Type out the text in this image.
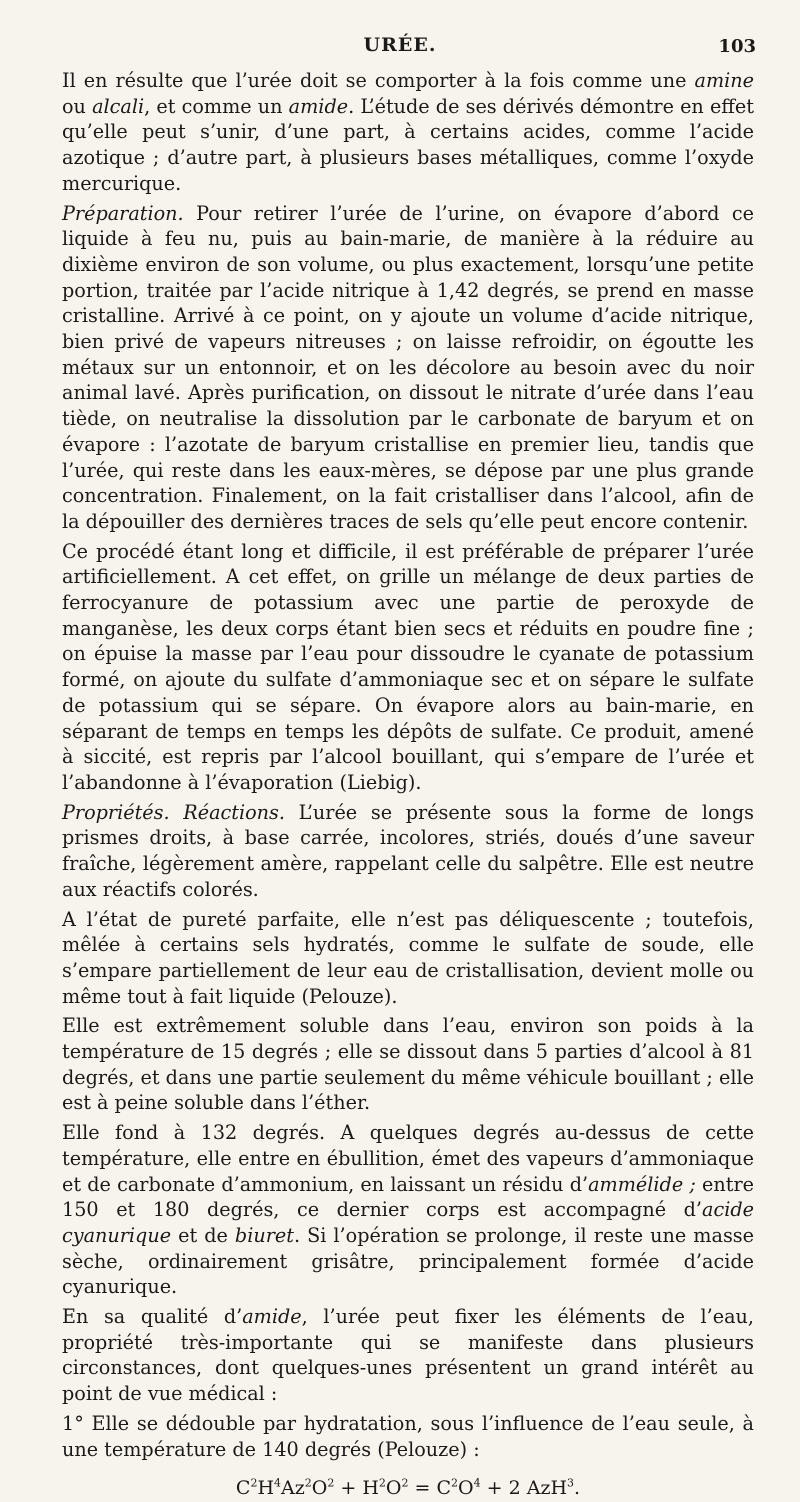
URÉE.	103

Il en résulte que l’urée doit se comporter à la fois comme une amine ou alcali, et comme un amide. L’étude de ses dérivés démontre en effet qu’elle peut s’unir, d’une part, à certains acides, comme l’acide azotique ; d’autre part, à plusieurs bases métalliques, comme l’oxyde mercurique.

Préparation. Pour retirer l’urée de l’urine, on évapore d’abord ce liquide à feu nu, puis au bain-marie, de manière à la réduire au dixième environ de son volume, ou plus exactement, lorsqu’une petite portion, traitée par l’acide nitrique à 1,42 degrés, se prend en masse cristalline. Arrivé à ce point, on y ajoute un volume d’acide nitrique, bien privé de vapeurs nitreuses ; on laisse refroidir, on égoutte les métaux sur un entonnoir, et on les décolore au besoin avec du noir animal lavé. Après purification, on dissout le nitrate d’urée dans l’eau tiède, on neutralise la dissolution par le carbonate de baryum et on évapore : l’azotate de baryum cristallise en premier lieu, tandis que l’urée, qui reste dans les eaux-mères, se dépose par une plus grande concentration. Finalement, on la fait cristalliser dans l’alcool, afin de la dépouiller des dernières traces de sels qu’elle peut encore contenir.

Ce procédé étant long et difficile, il est préférable de préparer l’urée artificiellement. A cet effet, on grille un mélange de deux parties de ferrocyanure de potassium avec une partie de peroxyde de manganèse, les deux corps étant bien secs et réduits en poudre fine ; on épuise la masse par l’eau pour dissoudre le cyanate de potassium formé, on ajoute du sulfate d’ammoniaque sec et on sépare le sulfate de potassium qui se sépare. On évapore alors au bain-marie, en séparant de temps en temps les dépôts de sulfate. Ce produit, amené à siccité, est repris par l’alcool bouillant, qui s’empare de l’urée et l’abandonne à l’évaporation (Liebig).

Propriétés. Réactions. L’urée se présente sous la forme de longs prismes droits, à base carrée, incolores, striés, doués d’une saveur fraîche, légèrement amère, rappelant celle du salpêtre. Elle est neutre aux réactifs colorés.

A l’état de pureté parfaite, elle n’est pas déliquescente ; toutefois, mêlée à certains sels hydratés, comme le sulfate de soude, elle s’empare partiellement de leur eau de cristallisation, devient molle ou même tout à fait liquide (Pelouze).

Elle est extrêmement soluble dans l’eau, environ son poids à la température de 15 degrés ; elle se dissout dans 5 parties d’alcool à 81 degrés, et dans une partie seulement du même véhicule bouillant ; elle est à peine soluble dans l’éther.

Elle fond à 132 degrés. A quelques degrés au-dessus de cette température, elle entre en ébullition, émet des vapeurs d’ammoniaque et de carbonate d’ammonium, en laissant un résidu d’ammélide ; entre 150 et 180 degrés, ce dernier corps est accompagné d’acide cyanurique et de biuret. Si l’opération se prolonge, il reste une masse sèche, ordinairement grisâtre, principalement formée d’acide cyanurique.

En sa qualité d’amide, l’urée peut fixer les éléments de l’eau, propriété très-importante qui se manifeste dans plusieurs circonstances, dont quelques-unes présentent un grand intérêt au point de vue médical :

1° Elle se dédouble par hydratation, sous l’influence de l’eau seule, à une température de 140 degrés (Pelouze) :

$C^2H^4Az^2O^2 + H^2O^2 = C^2O^4 + 2$ AzH$^3$.
